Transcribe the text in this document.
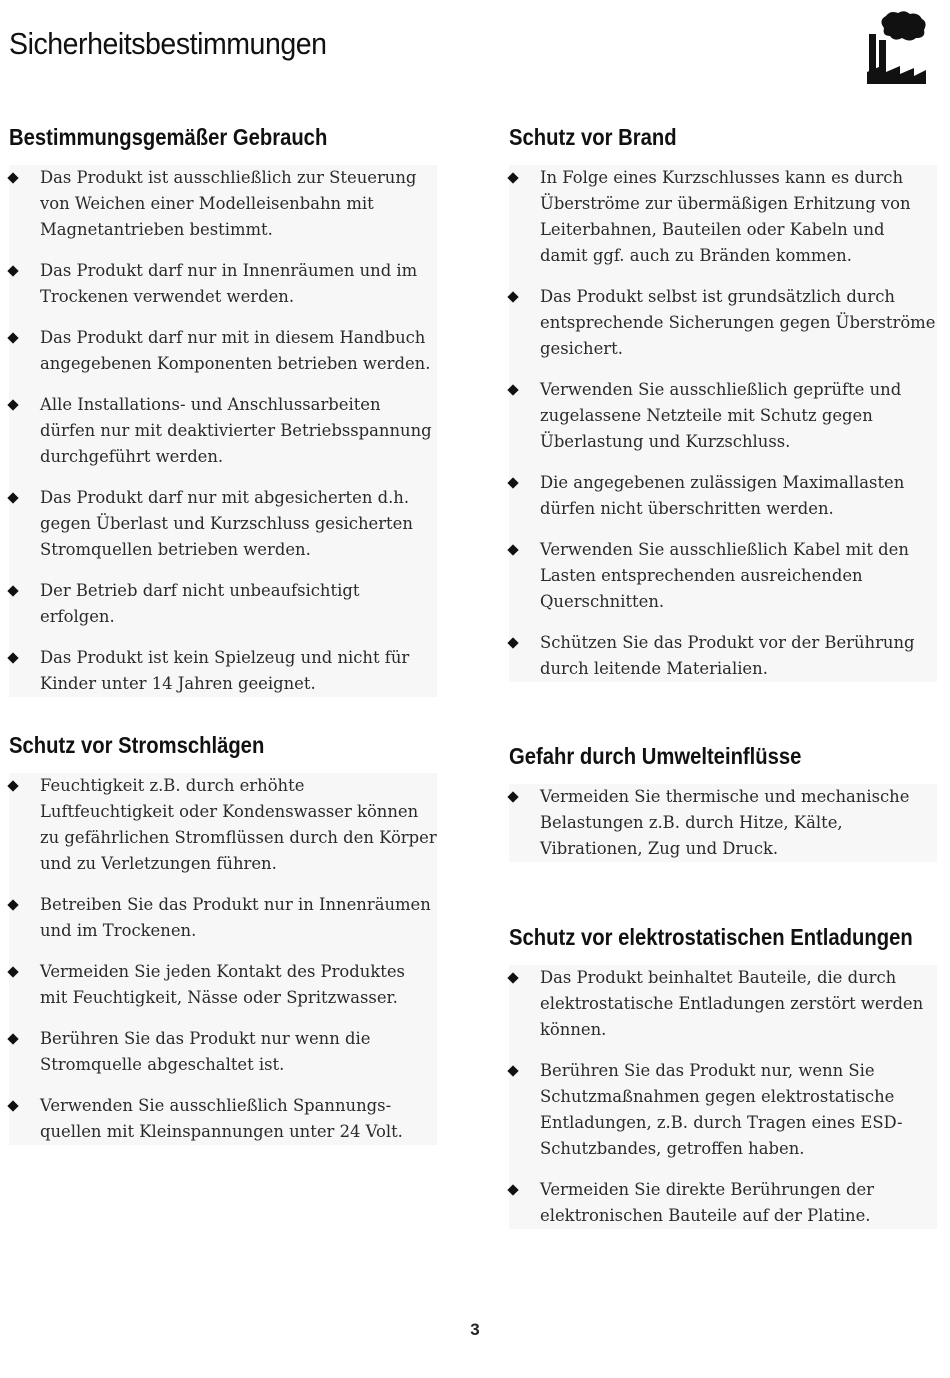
Sicherheitsbestimmungen
Bestimmungsgemäßer Gebrauch
Das Produkt ist ausschließlich zur Steuerung von Weichen einer Modelleisenbahn mit Magnetantrieben bestimmt.
Das Produkt darf nur in Innenräumen und im Trockenen verwendet werden.
Das Produkt darf nur mit in diesem Handbuch angegebenen Komponenten betrieben werden.
Alle Installations- und Anschlussarbeiten dürfen nur mit deaktivierter Betriebsspannung durchgeführt werden.
Das Produkt darf nur mit abgesicherten d.h. gegen Überlast und Kurzschluss gesicherten Stromquellen betrieben werden.
Der Betrieb darf nicht unbeaufsichtigt erfolgen.
Das Produkt ist kein Spielzeug und nicht für Kinder unter 14 Jahren geeignet.
Schutz vor Brand
In Folge eines Kurzschlusses kann es durch Überströme zur übermäßigen Erhitzung von Leiterbahnen, Bauteilen oder Kabeln und damit ggf. auch zu Bränden kommen.
Das Produkt selbst ist grundsätzlich durch entsprechende Sicherungen gegen Überströme gesichert.
Verwenden Sie ausschließlich geprüfte und zugelassene Netzteile mit Schutz gegen Überlastung und Kurzschluss.
Die angegebenen zulässigen Maximallasten dürfen nicht überschritten werden.
Verwenden Sie ausschließlich Kabel mit den Lasten entsprechenden ausreichenden Querschnitten.
Schützen Sie das Produkt vor der Berührung durch leitende Materialien.
Schutz vor Stromschlägen
Feuchtigkeit z.B. durch erhöhte Luftfeuchtigkeit oder Kondenswasser können zu gefährlichen Stromflüssen durch den Körper und zu Verletzungen führen.
Betreiben Sie das Produkt nur in Innenräumen und im Trockenen.
Vermeiden Sie jeden Kontakt des Produktes mit Feuchtigkeit, Nässe oder Spritzwasser.
Berühren Sie das Produkt nur wenn die Stromquelle abgeschaltet ist.
Verwenden Sie ausschließlich Spannungs-quellen mit Kleinspannungen unter 24 Volt.
Gefahr durch Umwelteinflüsse
Vermeiden Sie thermische und mechanische Belastungen z.B. durch Hitze, Kälte, Vibrationen, Zug und Druck.
Schutz vor elektrostatischen Entladungen
Das Produkt beinhaltet Bauteile, die durch elektrostatische Entladungen zerstört werden können.
Berühren Sie das Produkt nur, wenn Sie Schutzmaßnahmen gegen elektrostatische Entladungen, z.B. durch Tragen eines ESD-Schutzbandes, getroffen haben.
Vermeiden Sie direkte Berührungen der elektronischen Bauteile auf der Platine.
3
